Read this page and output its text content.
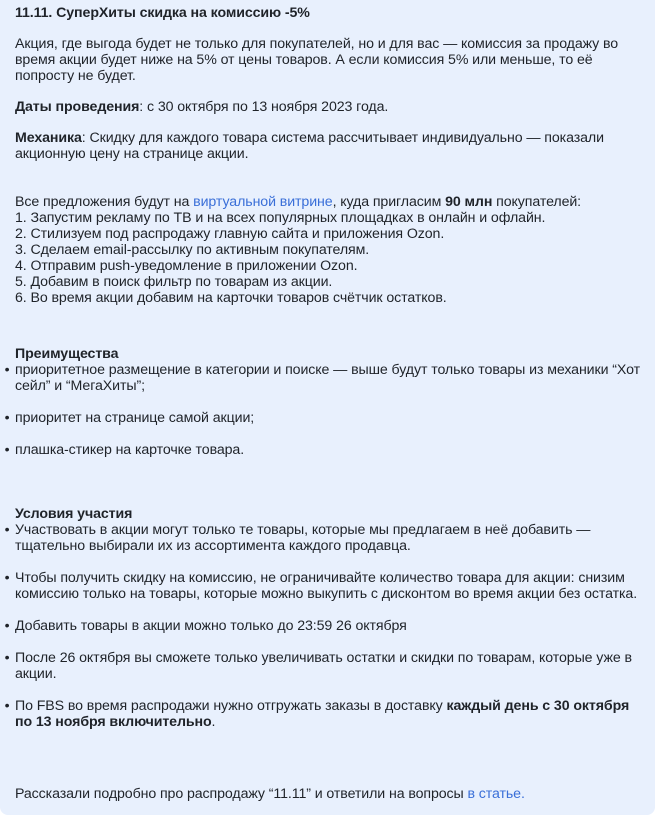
11.11. СуперХиты скидка на комиссию -5%

Акция, где выгода будет не только для покупателей, но и для вас — комиссия за продажу во время акции будет ниже на 5% от цены товаров. А если комиссия 5% или меньше, то её попросту не будет.

Даты проведения: с 30 октября по 13 ноября 2023 года.

Механика: Скидку для каждого товара система рассчитывает индивидуально — показали акционную цену на странице акции.

Все предложения будут на виртуальной витрине, куда пригласим 90 млн покупателей:

1. Запустим рекламу по ТВ и на всех популярных площадках в онлайн и офлайн.
2. Стилизуем под распродажу главную сайта и приложения Ozon.
3. Сделаем email-рассылку по активным покупателям.
4. Отправим push-уведомление в приложении Ozon.
5. Добавим в поиск фильтр по товарам из акции.
6. Во время акции добавим на карточки товаров счётчик остатков.
Преимущества
• приоритетное размещение в категории и поиске — выше будут только товары из механики “Хот сейл” и “МегаХиты”;
• приоритет на странице самой акции;
• плашка-стикер на карточке товара.
Условия участия
• Участвовать в акции могут только те товары, которые мы предлагаем в неё добавить — тщательно выбирали их из ассортимента каждого продавца.
• Чтобы получить скидку на комиссию, не ограничивайте количество товара для акции: снизим комиссию только на товары, которые можно выкупить с дисконтом во время акции без остатка.
• Добавить товары в акции можно только до 23:59 26 октября
• После 26 октября вы сможете только увеличивать остатки и скидки по товарам, которые уже в акции.
• По FBS во время распродажи нужно отгружать заказы в доставку каждый день с 30 октября по 13 ноября включительно.

Рассказали подробно про распродажу “11.11” и ответили на вопросы в статье.
